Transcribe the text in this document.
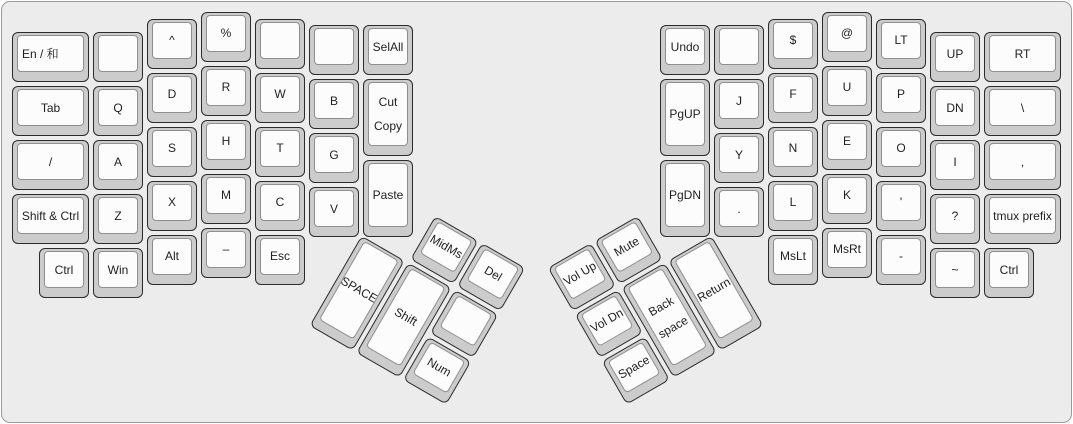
En / 和
Tab
/
Shift & Ctrl
Ctrl	Win
Q
A
Z
^
D
S
X
Alt
%
R
H
M
–
W
T
C
Esc
B
G
V
SelAll
Cut Copy
Paste
MidMs
Del
SPACE
Shift
Num
Undo
PgUP
PgDN
J
Y
.
$
F
N
L
MsLt
@
U
E
K
MsRt
LT
P
O
'
-
UP
DN
I
?
~
RT
\
,
tmux prefix
Ctrl
Vol Up
Mute
Vol Dn	Back space
Return
Space
